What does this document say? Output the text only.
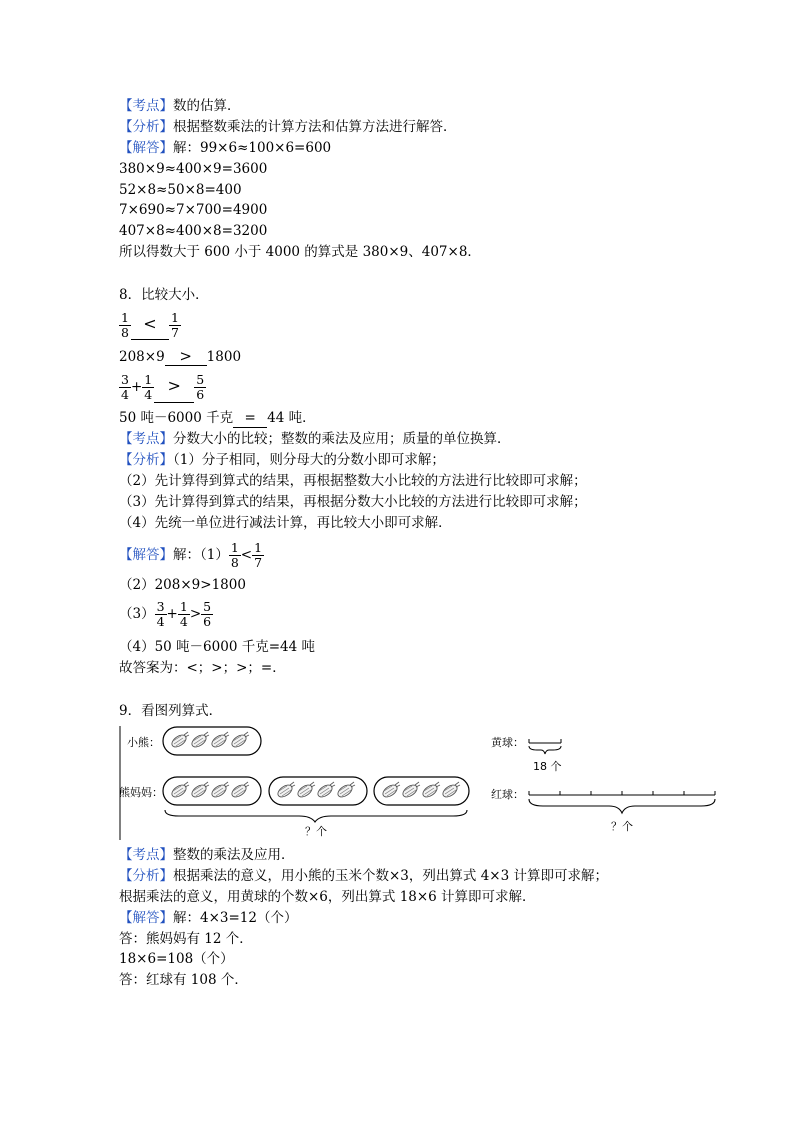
【考点】数的估算．
【分析】根据整数乘法的计算方法和估算方法进行解答．
【解答】解：99×6≈100×6=600
380×9≈400×9=3600
52×8≈50×8=400
7×690≈7×700=4900
407×8≈400×8=3200
所以得数大于 600 小于 4000 的算式是 380×9、407×8．
8．比较大小．
$\frac{1}{8} < \frac{1}{7}$
208×9 > 1800
$\frac{3}{4} + \frac{1}{4} > \frac{5}{6}$
50 吨－6000 千克 = 44 吨．
【考点】分数大小的比较；整数的乘法及应用；质量的单位换算．
【分析】（1）分子相同，则分母大的分数小即可求解；
（2）先计算得到算式的结果，再根据整数大小比较的方法进行比较即可求解；
（3）先计算得到算式的结果，再根据分数大小比较的方法进行比较即可求解；
（4）先统一单位进行减法计算，再比较大小即可求解．
【解答】解：$(1) \frac{1}{8} < \frac{1}{7}$
（2）208×9>1800
$(3) \frac{3}{4} + \frac{1}{4} > \frac{5}{6}$
（4）50 吨－6000 千克=44 吨
故答案为：<；>；>；=．
9．看图列算式．
小熊：
熊妈妈：
？个
黄球：
18 个
红球：
？个
【考点】整数的乘法及应用．
【分析】根据乘法的意义，用小熊的玉米个数×3，列出算式 4×3 计算即可求解；
根据乘法的意义，用黄球的个数×6，列出算式 18×6 计算即可求解．
【解答】解：4×3=12（个）
答：熊妈妈有 12 个．
18×6=108（个）
答：红球有 108 个．
